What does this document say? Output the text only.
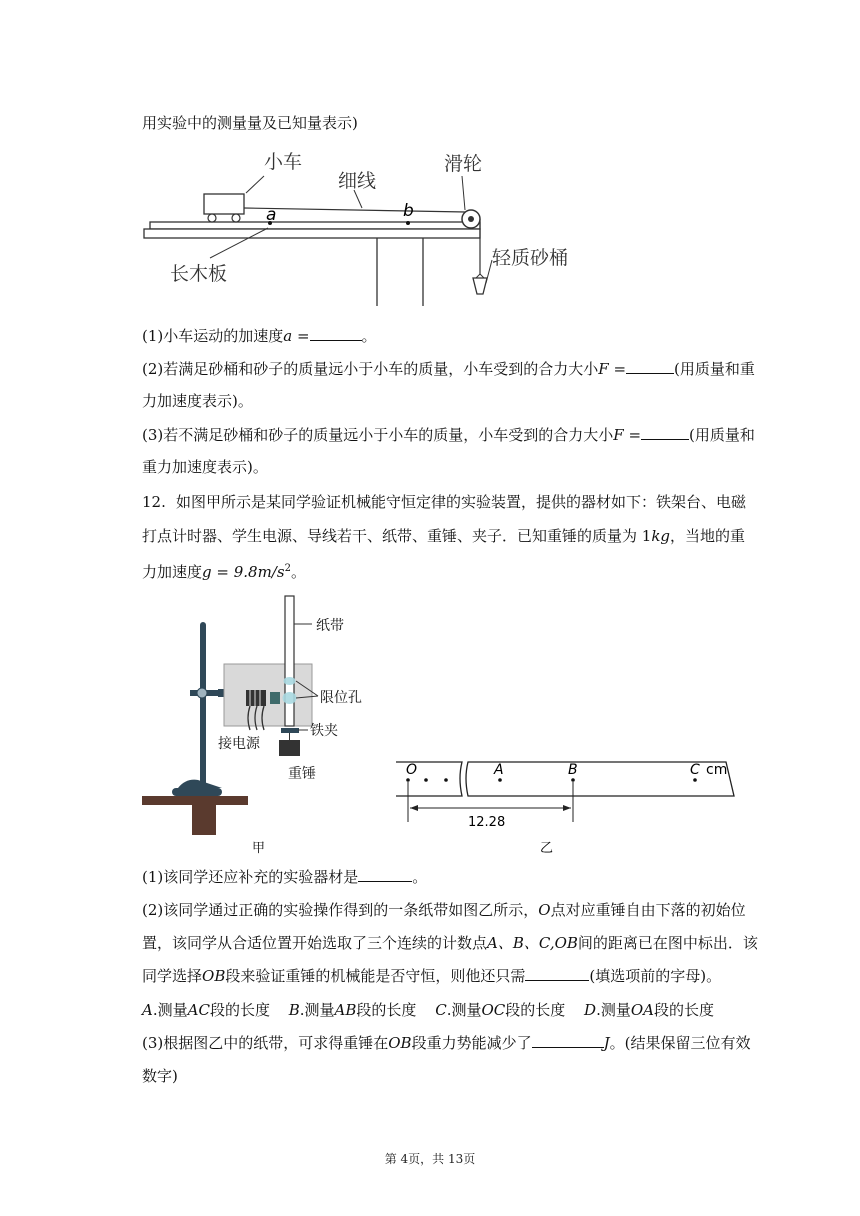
用实验中的测量量及已知量表示)
a	b
小车
细线
滑轮
长木板
轻质砂桶
(1)小车运动的加速度a =	。
(2)若满足砂桶和砂子的质量远小于小车的质量，小车受到的合力大小F =	(用质量和重
力加速度表示)。
(3)若不满足砂桶和砂子的质量远小于小车的质量，小车受到的合力大小F =	(用质量和
重力加速度表示)。
12. 如图甲所示是某同学验证机械能守恒定律的实验装置，提供的器材如下：铁架台、电磁
打点计时器、学生电源、导线若干、纸带、重锤、夹子．已知重锤的质量为 1kg，当地的重
力加速度$g = 9.8m/s^2$。
纸带
限位孔
接电源
铁夹
重锤
甲
O	A	B	C cm
12.28
乙
(1)该同学还应补充的实验器材是	。
(2)该同学通过正确的实验操作得到的一条纸带如图乙所示，O点对应重锤自由下落的初始位
置，该同学从合适位置开始选取了三个连续的计数点A、B、C,OB间的距离已在图中标出．该
同学选择OB段来验证重锤的机械能是否守恒，则他还只需	(填选项前的字母)。
A.测量AC段的长度 B.测量AB段的长度 C.测量OC段的长度 D.测量OA段的长度
(3)根据图乙中的纸带，可求得重锤在OB段重力势能减少了	J。(结果保留三位有效
数字)
第 4页，共 13页
